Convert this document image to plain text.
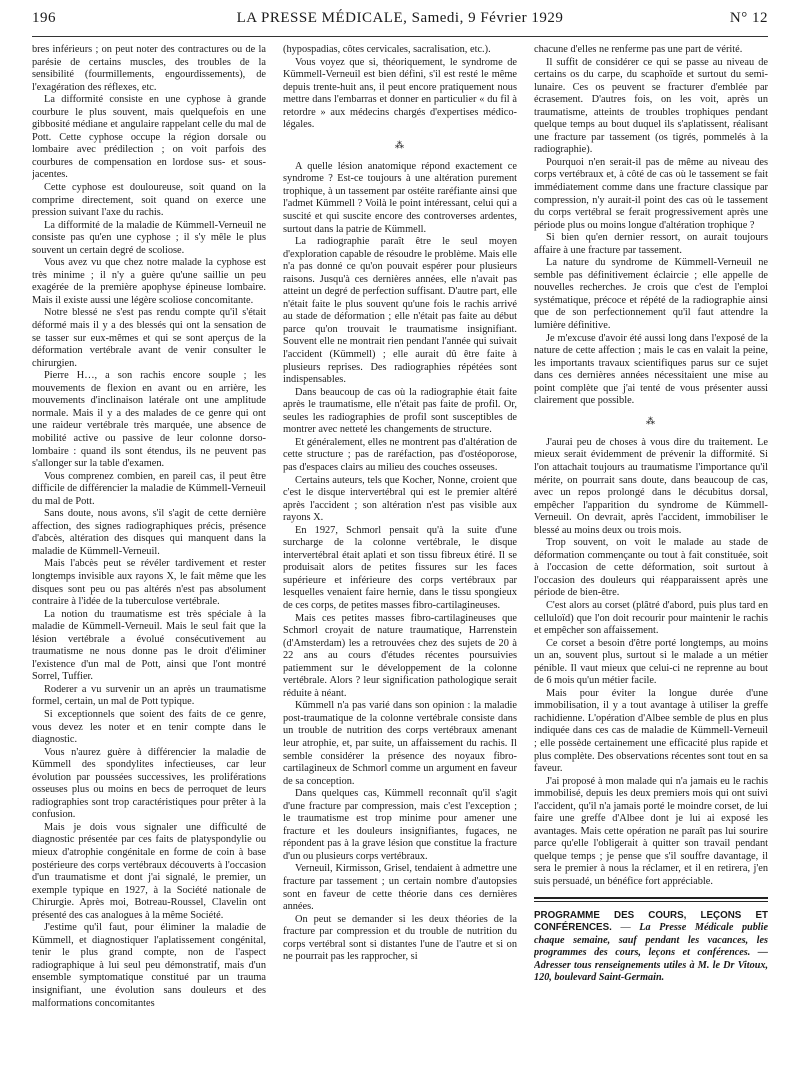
196	LA PRESSE MÉDICALE, Samedi, 9 Février 1929	N° 12

bres inférieurs ; on peut noter des contractures ou de la parésie de certains muscles, des troubles de la sensibilité (fourmillements, engourdissements), de l'exagération des réflexes, etc.

La difformité consiste en une cyphose à grande courbure le plus souvent, mais quelquefois en une gibbosité médiane et angulaire rappelant celle du mal de Pott. Cette cyphose occupe la région dorsale ou lombaire avec prédilection ; on voit parfois des courbures de compensation en lordose sus- et sous-jacentes.

Cette cyphose est douloureuse, soit quand on la comprime directement, soit quand on exerce une pression suivant l'axe du rachis.

La difformité de la maladie de Kümmell-Verneuil ne consiste pas qu'en une cyphose ; il s'y mêle le plus souvent un certain degré de scoliose.

Vous avez vu que chez notre malade la cyphose est très minime ; il n'y a guère qu'une saillie un peu exagérée de la première apophyse épineuse lombaire. Mais il existe aussi une légère scoliose concomitante.

Notre blessé ne s'est pas rendu compte qu'il s'était déformé mais il y a des blessés qui ont la sensation de se tasser sur eux-mêmes et qui se sont aperçus de la déformation vertébrale avant de venir consulter le chirurgien.

Pierre H…, a son rachis encore souple ; les mouvements de flexion en avant ou en arrière, les mouvements d'inclinaison latérale ont une amplitude normale. Mais il y a des malades de ce genre qui ont une raideur vertébrale très marquée, une absence de mobilité active ou passive de leur colonne dorso-lombaire : quand ils sont étendus, ils ne peuvent pas s'allonger sur la table d'examen.

Vous comprenez combien, en pareil cas, il peut être difficile de différencier la maladie de Kümmell-Verneuil du mal de Pott.

Sans doute, nous avons, s'il s'agit de cette dernière affection, des signes radiographiques précis, présence d'abcès, altération des disques qui manquent dans la maladie de Kümmell-Verneuil.

Mais l'abcès peut se révéler tardivement et rester longtemps invisible aux rayons X, le fait même que les disques sont peu ou pas altérés n'est pas absolument contraire à l'idée de la tuberculose vertébrale.

La notion du traumatisme est très spéciale à la maladie de Kümmell-Verneuil. Mais le seul fait que la lésion vertébrale a évolué consécutivement au traumatisme ne nous donne pas le droit d'éliminer l'existence d'un mal de Pott, ainsi que l'ont montré Sorrel, Tuffier.

Roderer a vu survenir un an après un traumatisme formel, certain, un mal de Pott typique.

Si exceptionnels que soient des faits de ce genre, vous devez les noter et en tenir compte dans le diagnostic.

Vous n'aurez guère à différencier la maladie de Kümmell des spondylites infectieuses, car leur évolution par poussées successives, les proliférations osseuses plus ou moins en becs de perroquet de leurs radiographies sont trop caractéristiques pour prêter à la confusion.

Mais je dois vous signaler une difficulté de diagnostic présentée par ces faits de platyspondylie ou mieux d'atrophie congénitale en forme de coin à base postérieure des corps vertébraux découverts à l'occasion d'un traumatisme et dont j'ai signalé, le premier, un exemple typique en 1927, à la Société nationale de Chirurgie. Après moi, Botreau-Roussel, Clavelin ont présenté des cas analogues à la même Société.

J'estime qu'il faut, pour éliminer la maladie de Kümmell, et diagnostiquer l'aplatissement congénital, tenir le plus grand compte, non de l'aspect radiographique à lui seul peu démonstratif, mais d'un ensemble symptomatique constitué par un trauma insignifiant, une évolution sans douleurs et des malformations concomitantes

(hypospadias, côtes cervicales, sacralisation, etc.).

Vous voyez que si, théoriquement, le syndrome de Kümmell-Verneuil est bien défini, s'il est resté le même depuis trente-huit ans, il peut encore pratiquement nous mettre dans l'embarras et donner en particulier « du fil à retordre » aux médecins chargés d'expertises médico-légales.

⁂

A quelle lésion anatomique répond exactement ce syndrome ? Est-ce toujours à une altération purement trophique, à un tassement par ostéite raréfiante ainsi que l'admet Kümmell ? Voilà le point intéressant, celui qui a suscité et qui suscite encore des controverses ardentes, surtout dans la patrie de Kümmell.

La radiographie paraît être le seul moyen d'exploration capable de résoudre le problème. Mais elle n'a pas donné ce qu'on pouvait espérer pour plusieurs raisons. Jusqu'à ces dernières années, elle n'avait pas atteint un degré de perfection suffisant. D'autre part, elle n'était faite le plus souvent qu'une fois le rachis arrivé au stade de déformation ; elle n'était pas faite au début parce qu'on trouvait le traumatisme insignifiant. Souvent elle ne montrait rien pendant l'année qui suivait l'accident (Kümmell) ; elle aurait dû être faite à plusieurs reprises. Des radiographies répétées sont indispensables.

Dans beaucoup de cas où la radiographie était faite après le traumatisme, elle n'était pas faite de profil. Or, seules les radiographies de profil sont susceptibles de montrer avec netteté les changements de structure.

Et généralement, elles ne montrent pas d'altération de cette structure ; pas de raréfaction, pas d'ostéoporose, pas d'espaces clairs au milieu des couches osseuses.

Certains auteurs, tels que Kocher, Nonne, croient que c'est le disque intervertébral qui est le premier altéré après l'accident ; son altération n'est pas visible aux rayons X.

En 1927, Schmorl pensait qu'à la suite d'une surcharge de la colonne vertébrale, le disque intervertébral était aplati et son tissu fibreux étiré. Il se produisait alors de petites fissures sur les faces supérieure et inférieure des corps vertébraux par lesquelles venaient faire hernie, dans le tissu spongieux de ces corps, de petites masses fibro-cartilagineuses.

Mais ces petites masses fibro-cartilagineuses que Schmorl croyait de nature traumatique, Harrenstein (d'Amsterdam) les a retrouvées chez des sujets de 20 à 22 ans au cours d'études récentes poursuivies patiemment sur le développement de la colonne vertébrale. Alors ? leur signification pathologique serait réduite à néant.

Kümmell n'a pas varié dans son opinion : la maladie post-traumatique de la colonne vertébrale consiste dans un trouble de nutrition des corps vertébraux amenant leur atrophie, et, par suite, un affaissement du rachis. Il semble considérer la présence des noyaux fibro-cartilagineux de Schmorl comme un argument en faveur de sa conception.

Dans quelques cas, Kümmell reconnaît qu'il s'agit d'une fracture par compression, mais c'est l'exception ; le traumatisme est trop minime pour amener une fracture et les douleurs insignifiantes, fugaces, ne répondent pas à la grave lésion que constitue la fracture d'un ou plusieurs corps vertébraux.

Verneuil, Kirmisson, Grisel, tendaient à admettre une fracture par tassement ; un certain nombre d'autopsies sont en faveur de cette théorie dans ces dernières années.

On peut se demander si les deux théories de la fracture par compression et du trouble de nutrition du corps vertébral sont si distantes l'une de l'autre et si on ne pourrait pas les rapprocher, si

chacune d'elles ne renferme pas une part de vérité.

Il suffit de considérer ce qui se passe au niveau de certains os du carpe, du scaphoïde et surtout du semi-lunaire. Ces os peuvent se fracturer d'emblée par écrasement. D'autres fois, on les voit, après un traumatisme, atteints de troubles trophiques pendant quelque temps au bout duquel ils s'aplatissent, réalisant une fracture par tassement (os tigrés, pommelés à la radiographie).

Pourquoi n'en serait-il pas de même au niveau des corps vertébraux et, à côté de cas où le tassement se fait immédiatement comme dans une fracture classique par compression, n'y aurait-il point des cas où le tassement du corps vertébral se ferait progressivement après une période plus ou moins longue d'altération trophique ?

Si bien qu'en dernier ressort, on aurait toujours affaire à une fracture par tassement.

La nature du syndrome de Kümmell-Verneuil ne semble pas définitivement éclaircie ; elle appelle de nouvelles recherches. Je crois que c'est de l'emploi systématique, précoce et répété de la radiographie ainsi que de son perfectionnement qu'il faut attendre la lumière définitive.

Je m'excuse d'avoir été aussi long dans l'exposé de la nature de cette affection ; mais le cas en valait la peine, les importants travaux scientifiques parus sur ce sujet dans ces dernières années nécessitaient une mise au point complète que j'ai tenté de vous présenter aussi clairement que possible.

⁂

J'aurai peu de choses à vous dire du traitement. Le mieux serait évidemment de prévenir la difformité. Si l'on attachait toujours au traumatisme l'importance qu'il mérite, on pourrait sans doute, dans beaucoup de cas, avec un repos prolongé dans le décubitus dorsal, empêcher l'apparition du syndrome de Kümmell-Verneuil. On devrait, après l'accident, immobiliser le blessé au moins deux ou trois mois.

Trop souvent, on voit le malade au stade de déformation commençante ou tout à fait constituée, soit à l'occasion de cette déformation, soit surtout à l'occasion des douleurs qui réapparaissent après une période de bien-être.

C'est alors au corset (plâtré d'abord, puis plus tard en celluloïd) que l'on doit recourir pour maintenir le rachis et empêcher son affaissement.

Ce corset a besoin d'être porté longtemps, au moins un an, souvent plus, surtout si le malade a un métier pénible. Il vaut mieux que celui-ci ne reprenne au bout de 6 mois qu'un métier facile.

Mais pour éviter la longue durée d'une immobilisation, il y a tout avantage à utiliser la greffe rachidienne. L'opération d'Albee semble de plus en plus indiquée dans ces cas de maladie de Kümmell-Verneuil ; elle possède certainement une efficacité plus rapide et plus complète. Des observations récentes sont tout en sa faveur.

J'ai proposé à mon malade qui n'a jamais eu le rachis immobilisé, depuis les deux premiers mois qui ont suivi l'accident, qu'il n'a jamais porté le moindre corset, de lui faire une greffe d'Albee dont je lui ai exposé les avantages. Mais cette opération ne paraît pas lui sourire parce qu'elle l'obligerait à quitter son travail pendant quelque temps ; je pense que s'il souffre davantage, il sera le premier à nous la réclamer, et il en retirera, j'en suis persuadé, un bénéfice fort appréciable.

PROGRAMME DES COURS, LEÇONS ET CONFÉRENCES. — La Presse Médicale publie chaque semaine, sauf pendant les vacances, les programmes des cours, leçons et conférences. — Adresser tous renseignements utiles à M. le Dr Vitoux, 120, boulevard Saint-Germain.
